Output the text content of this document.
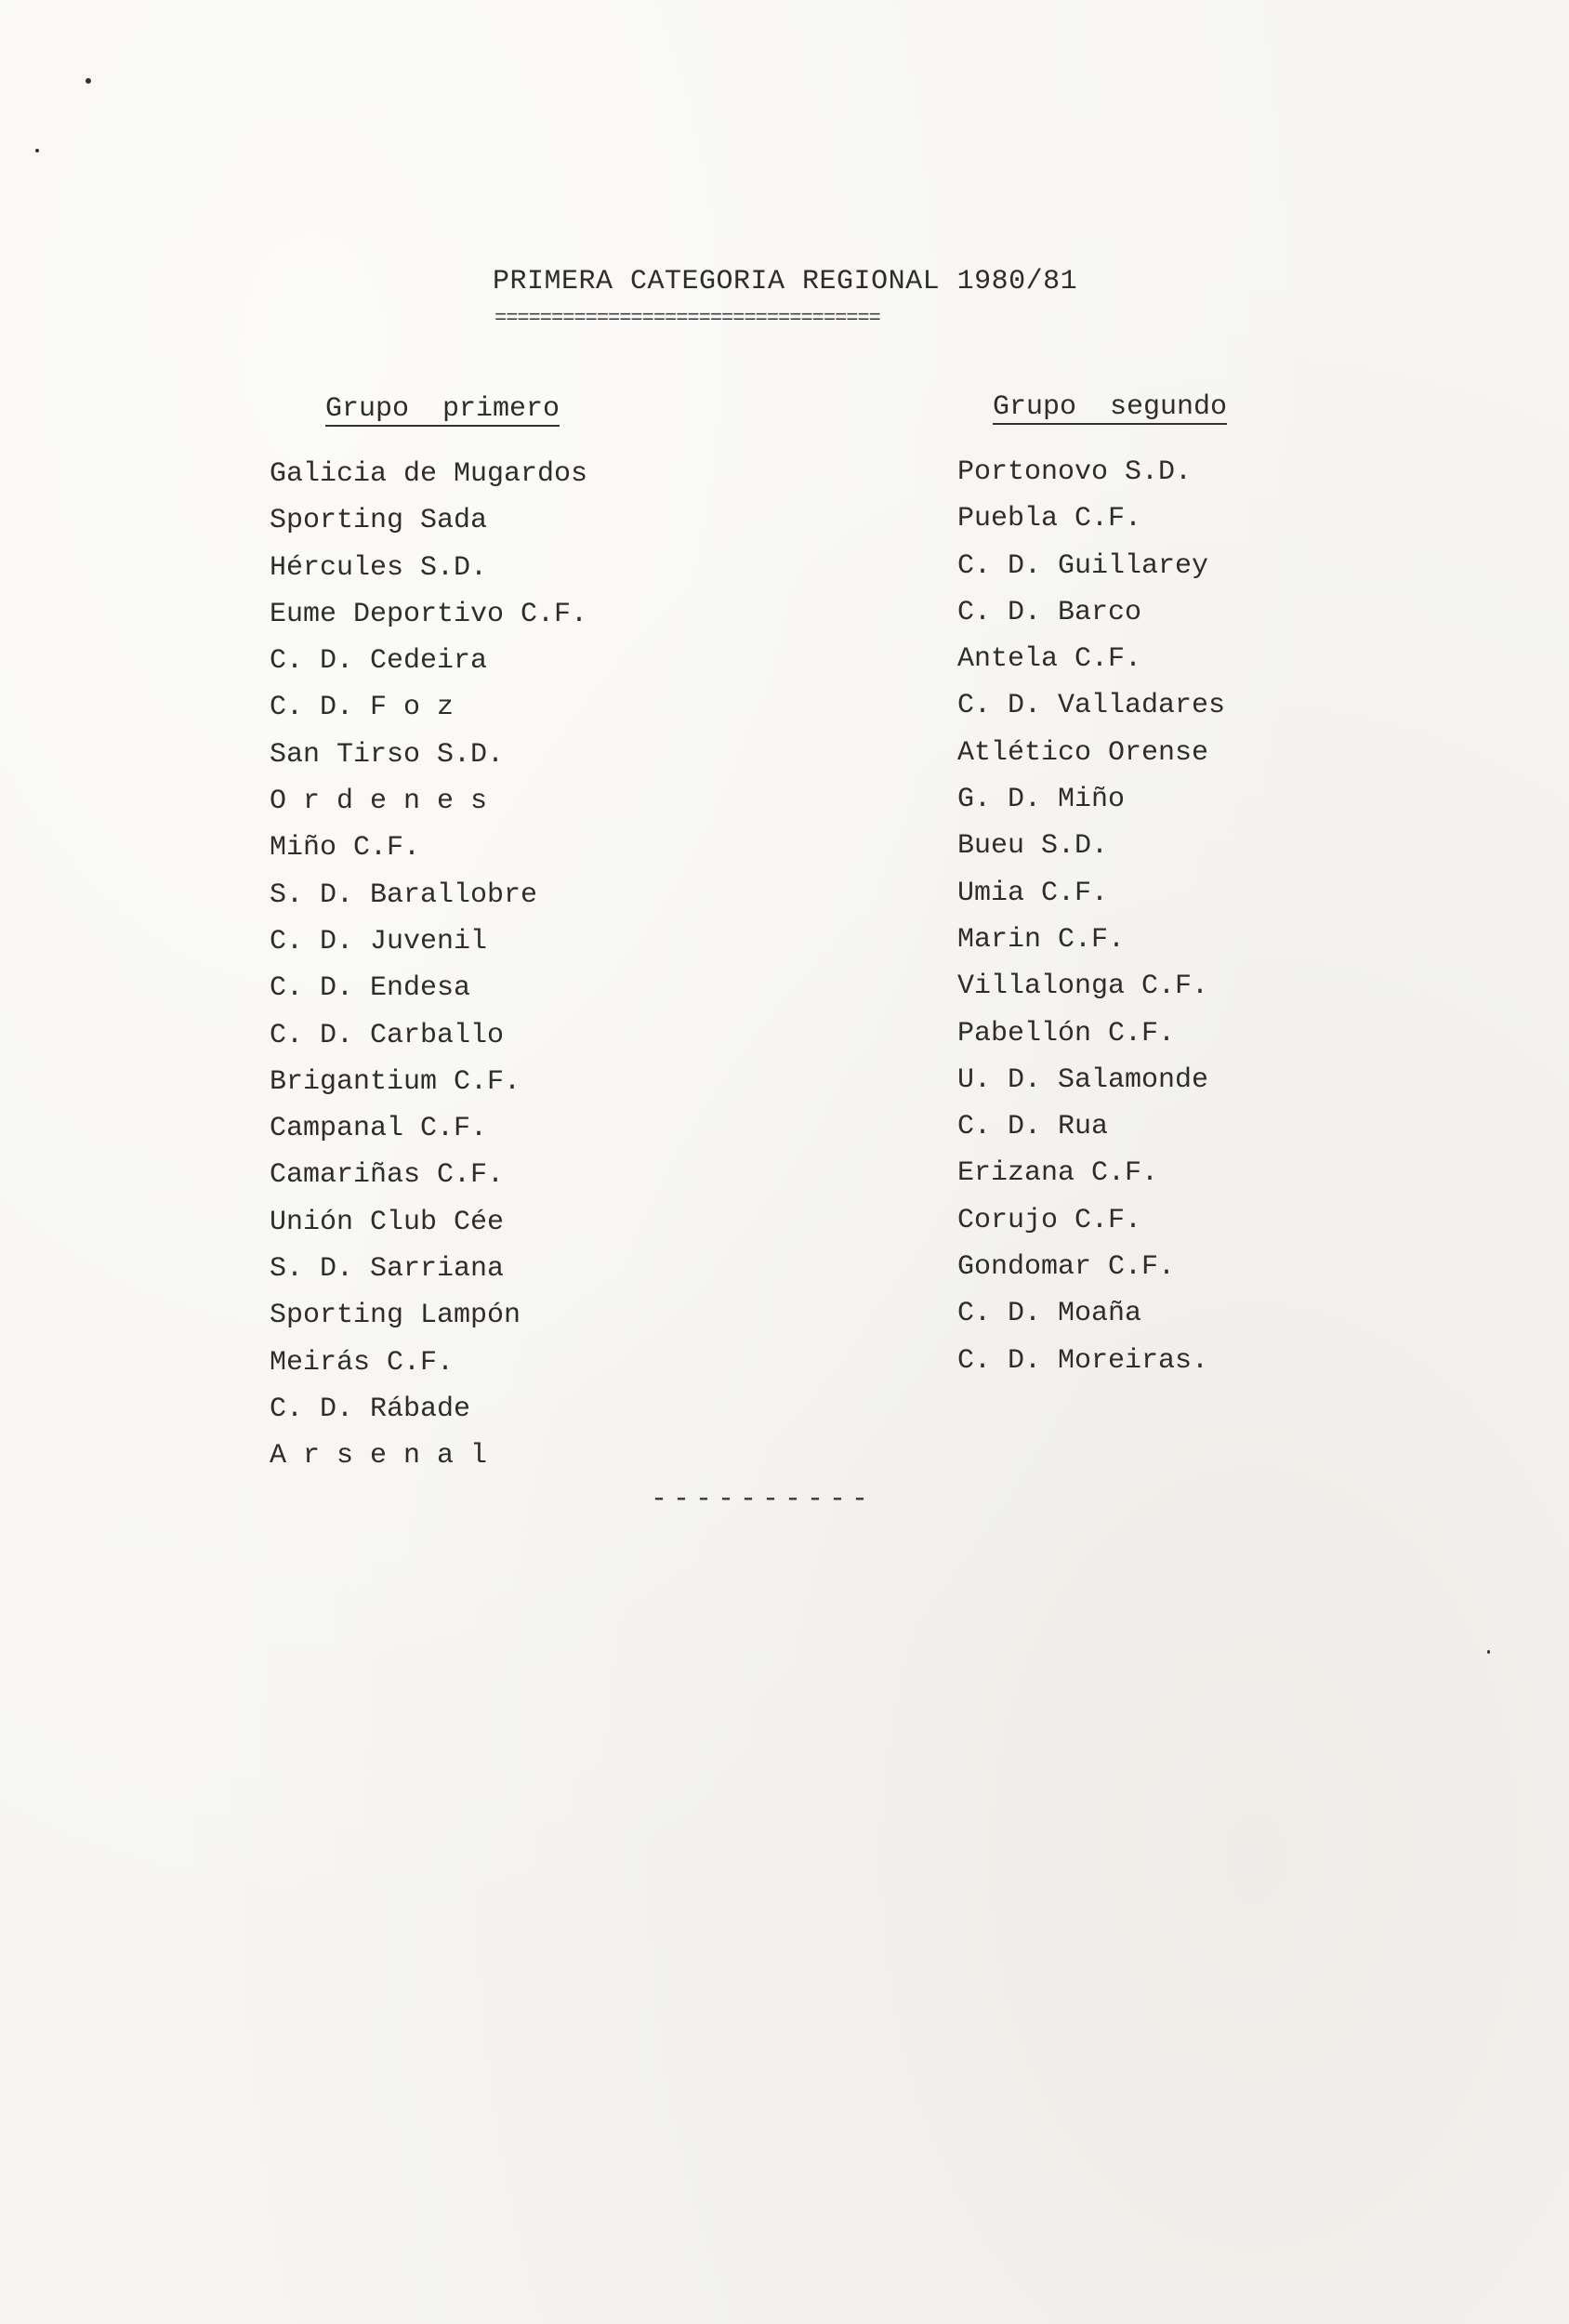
PRIMERA CATEGORIA REGIONAL 1980/81
==================================
Grupo  primero	Grupo  segundo
Galicia de Mugardos
Sporting Sada
Hércules S.D.
Eume Deportivo C.F.
C. D. Cedeira
C. D. F o z
San Tirso S.D.
O r d e n e s
Miño C.F.
S. D. Barallobre
C. D. Juvenil
C. D. Endesa
C. D. Carballo
Brigantium C.F.
Campanal C.F.
Camariñas C.F.
Unión Club Cée
S. D. Sarriana
Sporting Lampón
Meirás C.F.
C. D. Rábade
A r s e n a l
Portonovo S.D.
Puebla C.F.
C. D. Guillarey
C. D. Barco
Antela C.F.
C. D. Valladares
Atlético Orense
G. D. Miño
Bueu S.D.
Umia C.F.
Marin C.F.
Villalonga C.F.
Pabellón C.F.
U. D. Salamonde
C. D. Rua
Erizana C.F.
Corujo C.F.
Gondomar C.F.
C. D. Moaña
C. D. Moreiras.
----------
